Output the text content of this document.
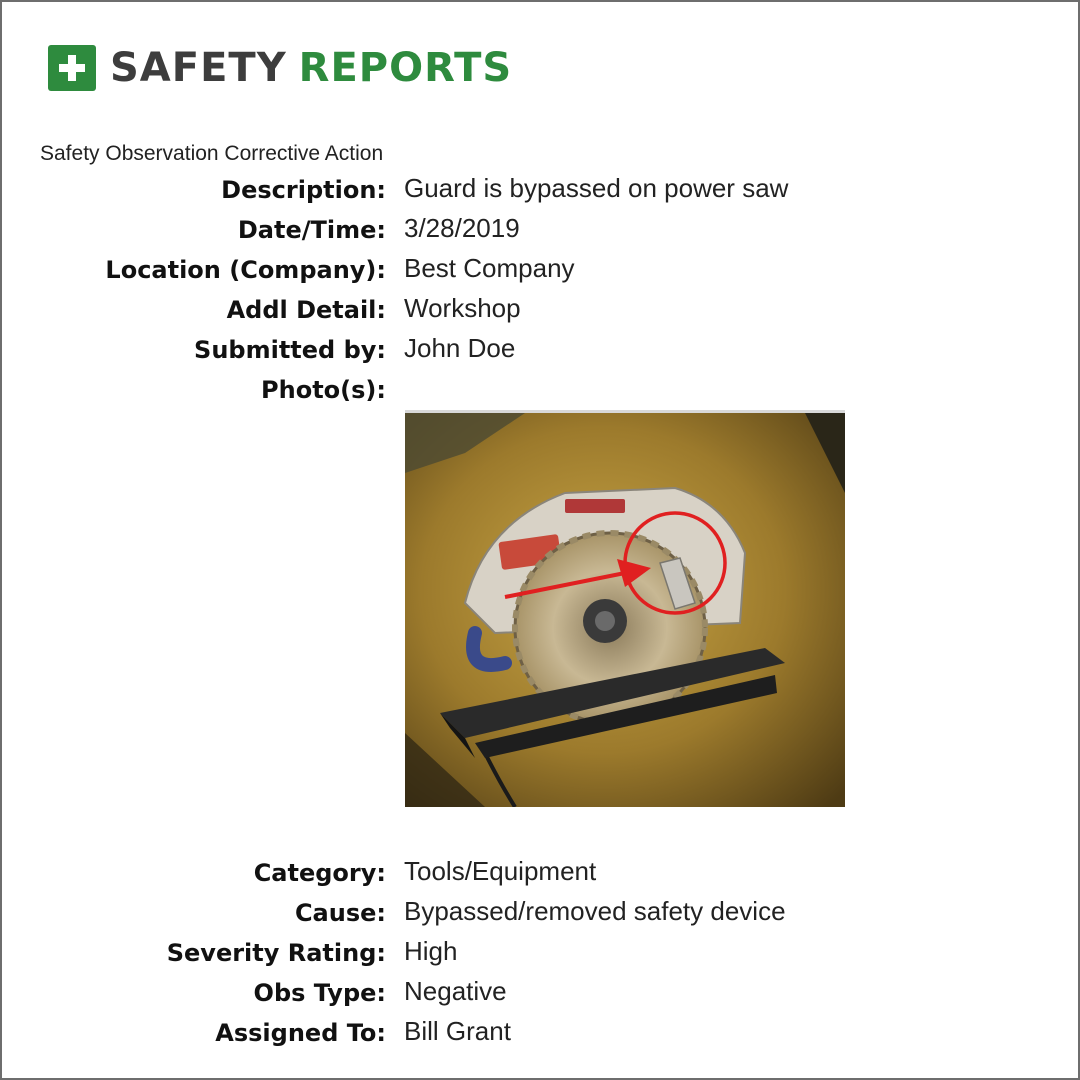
SAFETY REPORTS
Safety Observation Corrective Action
Description: Guard is bypassed on power saw
Date/Time: 3/28/2019
Location (Company): Best Company
Addl Detail: Workshop
Submitted by: John Doe
Photo(s):
Category: Tools/Equipment
Cause: Bypassed/removed safety device
Severity Rating: High
Obs Type: Negative
Assigned To: Bill Grant
